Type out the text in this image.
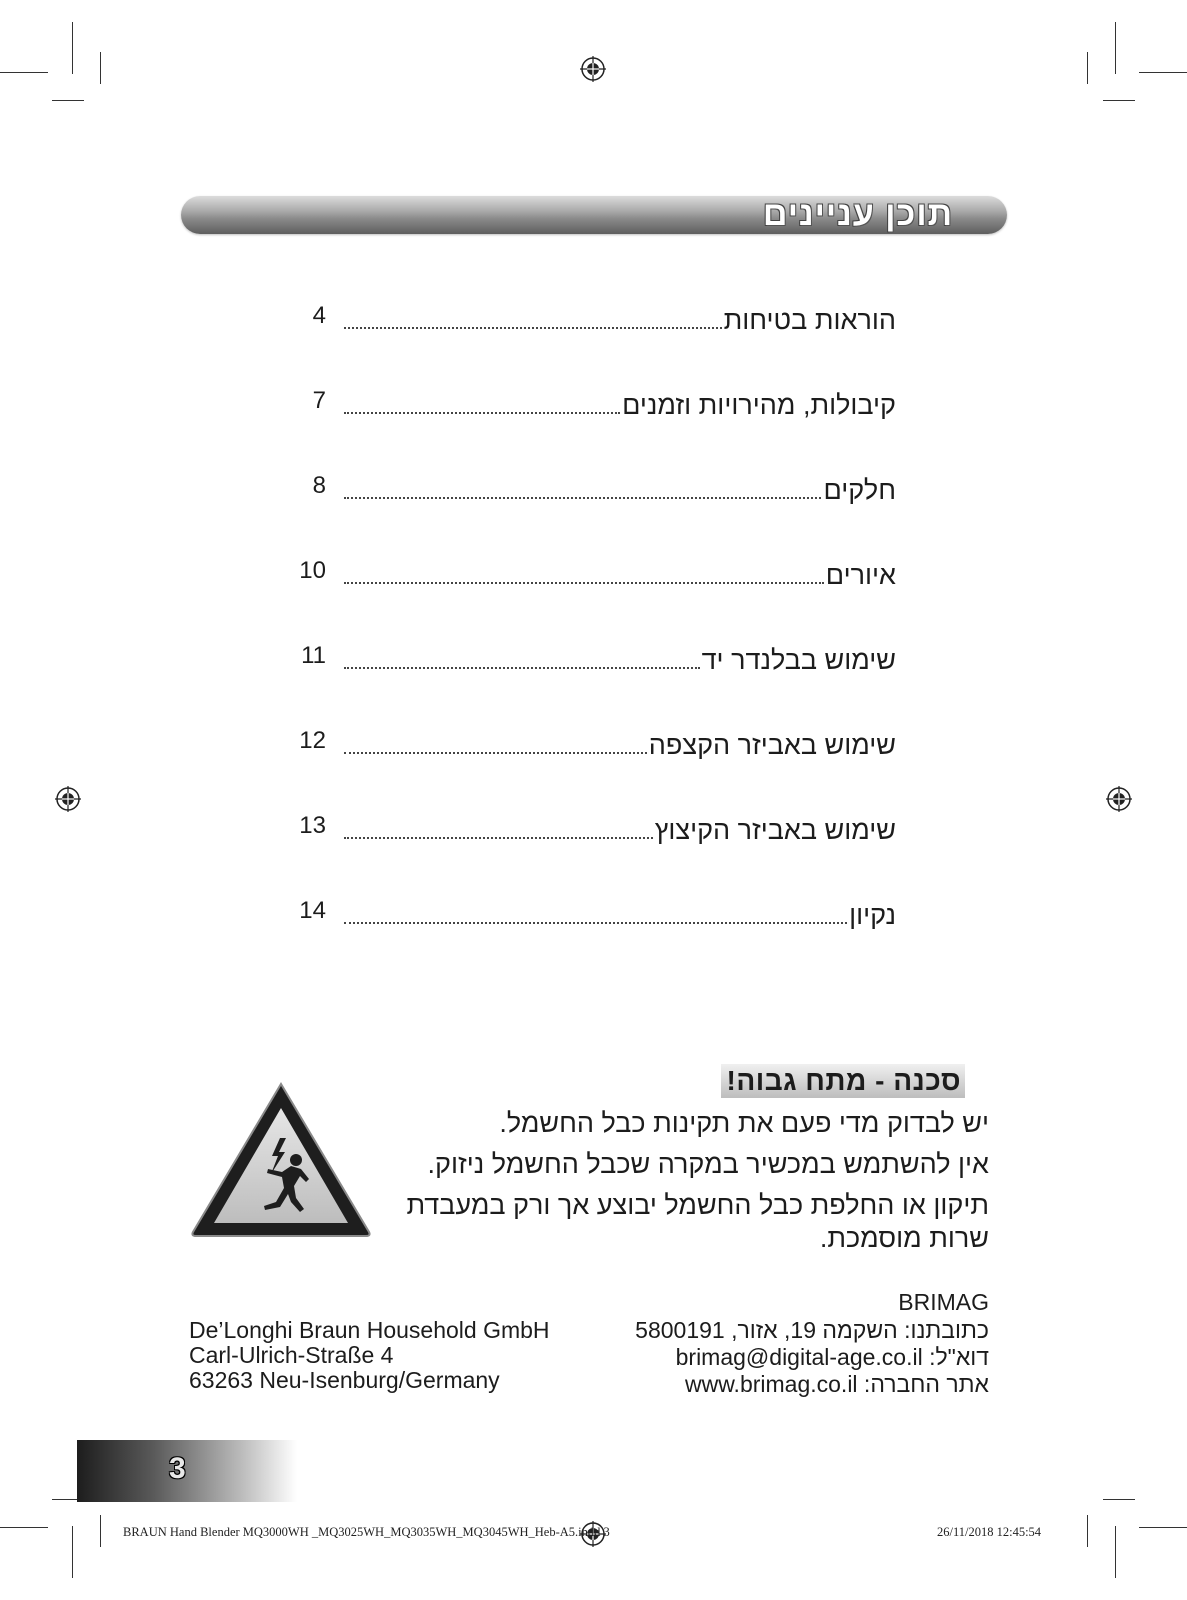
תוכן עניינים
4	הוראות בטיחות
7	קיבולות, מהירויות וזמנים
8	חלקים
10	איורים
11	שימוש בבלנדר יד
12	שימוש באביזר הקצפה
13	שימוש באביזר הקיצוץ
14	נקיון
סכנה - מתח גבוה!
יש לבדוק מדי פעם את תקינות כבל החשמל.
אין להשתמש במכשיר במקרה שכבל החשמל ניזוק.
תיקון או החלפת כבל החשמל יבוצע אך ורק במעבדת
שרות מוסמכת.
De’Longhi Braun Household GmbH
Carl-Ulrich-Straße 4
63263 Neu-Isenburg/Germany
BRIMAG
כתובתנו: השקמה 19, אזור, 5800191
דוא"ל: brimag@digital-age.co.il
אתר החברה: www.brimag.co.il
3
BRAUN Hand Blender MQ3000WH _MQ3025WH_MQ3035WH_MQ3045WH_Heb-A5.indd 3	26/11/2018 12:45:54
